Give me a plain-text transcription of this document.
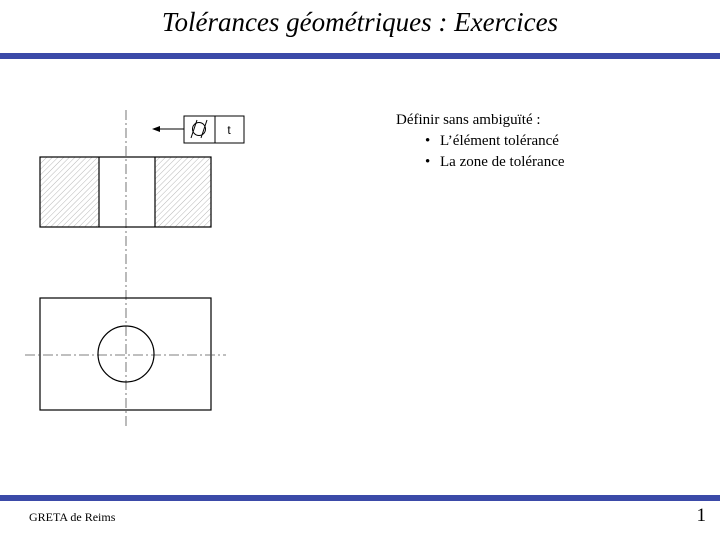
Tolérances géométriques : Exercices
t
Définir sans ambiguïté :
• L’élément tolérancé
• La zone de tolérance
GRETA de Reims	1
